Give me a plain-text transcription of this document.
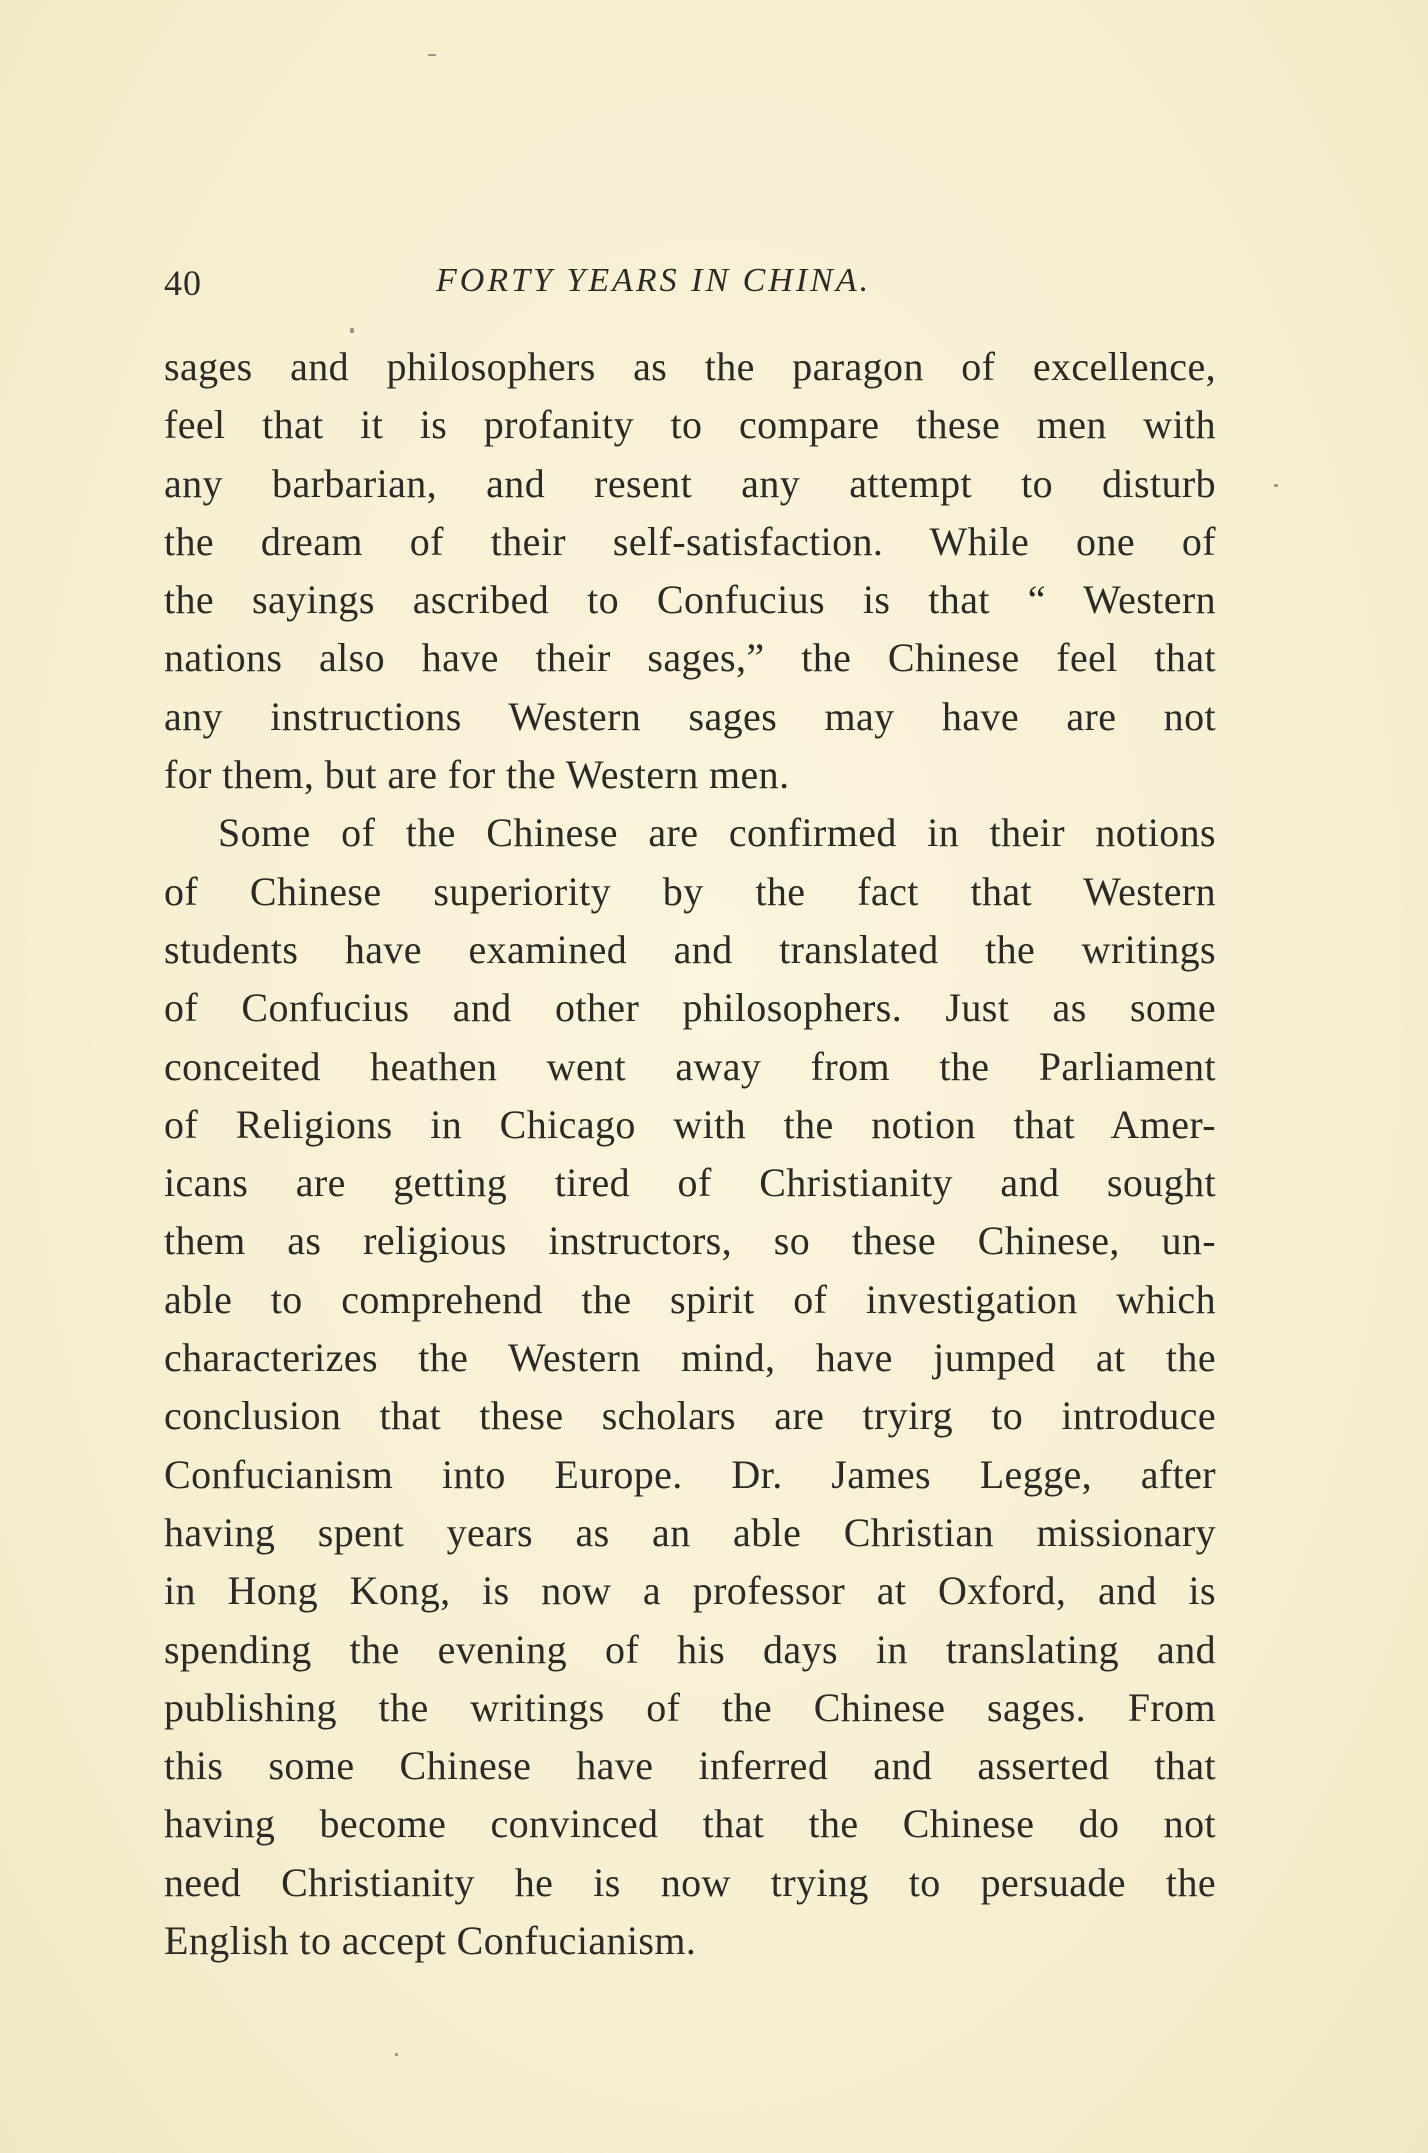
40	FORTY YEARS IN CHINA.
sages and philosophers as the paragon of excellence,
feel that it is profanity to compare these men with
any barbarian, and resent any attempt to disturb
the dream of their self-satisfaction. While one of
the sayings ascribed to Confucius is that “ Western
nations also have their sages,” the Chinese feel that
any instructions Western sages may have are not
for them, but are for the Western men.
Some of the Chinese are confirmed in their notions
of Chinese superiority by the fact that Western
students have examined and translated the writings
of Confucius and other philosophers. Just as some
conceited heathen went away from the Parliament
of Religions in Chicago with the notion that Amer-
icans are getting tired of Christianity and sought
them as religious instructors, so these Chinese, un-
able to comprehend the spirit of investigation which
characterizes the Western mind, have jumped at the
conclusion that these scholars are tryirg to introduce
Confucianism into Europe. Dr. James Legge, after
having spent years as an able Christian missionary
in Hong Kong, is now a professor at Oxford, and is
spending the evening of his days in translating and
publishing the writings of the Chinese sages. From
this some Chinese have inferred and asserted that
having become convinced that the Chinese do not
need Christianity he is now trying to persuade the
English to accept Confucianism.
